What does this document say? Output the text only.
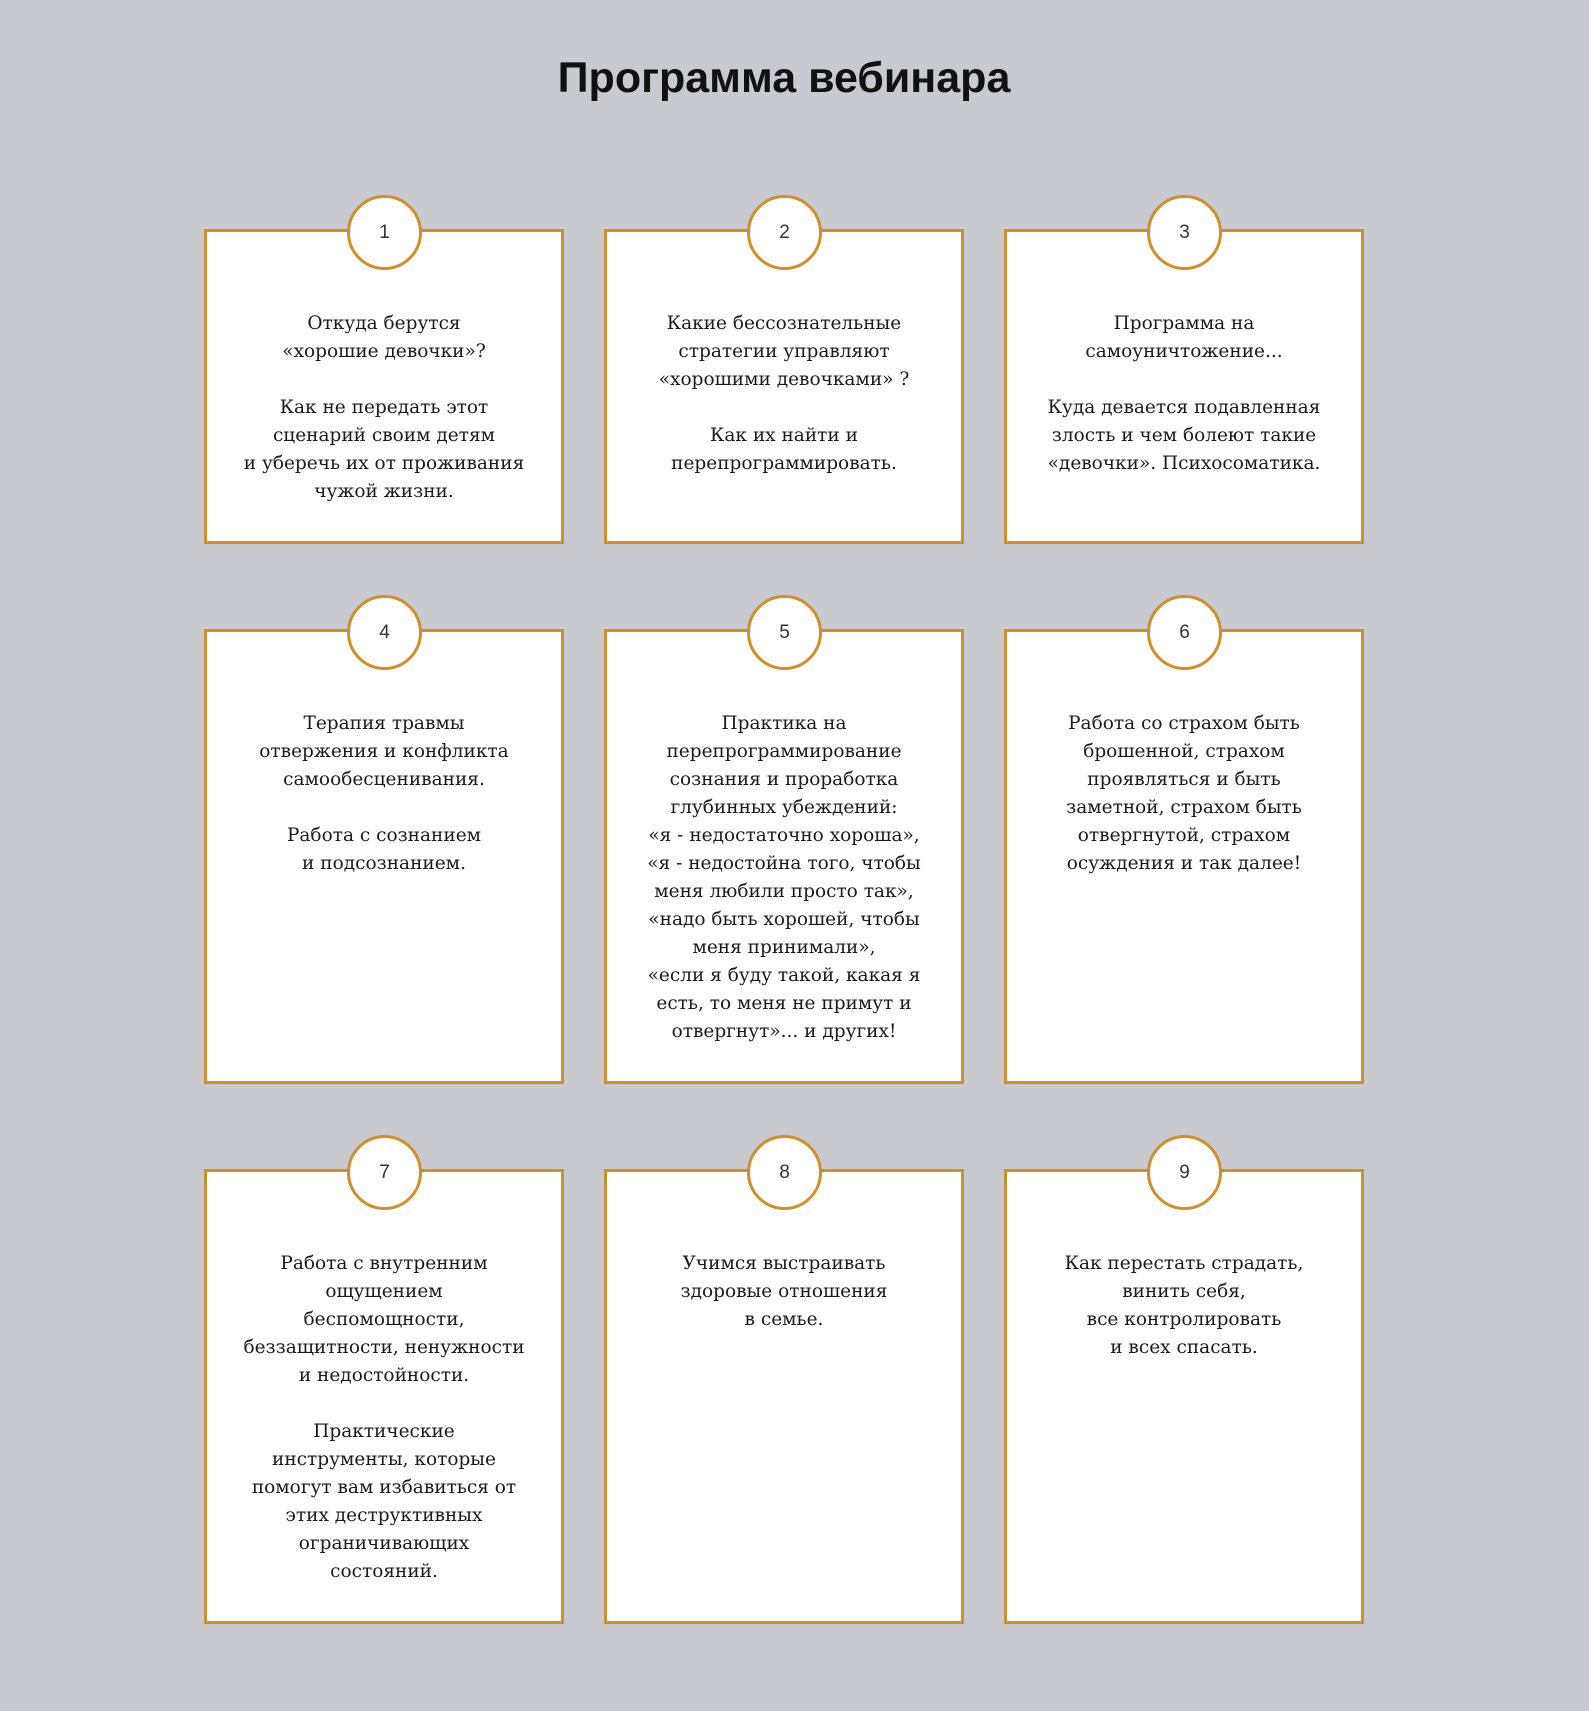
Программа вебинара
1

Откуда берутся
«хорошие девочки»?

Как не передать этот
сценарий своим детям
и уберечь их от проживания
чужой жизни.

2

Какие бессознательные
стратегии управляют
«хорошими девочками» ?

Как их найти и
перепрограммировать.

3

Программа на
самоуничтожение...

Куда девается подавленная
злость и чем болеют такие
«девочки». Психосоматика.

4

Терапия травмы
отвержения и конфликта
самообесценивания.

Работа с сознанием
и подсознанием.

5

Практика на
перепрограммирование
сознания и проработка
глубинных убеждений:
«я - недостаточно хороша»,
«я - недостойна того, чтобы
меня любили просто так»,
«надо быть хорошей, чтобы
меня принимали»,
«если я буду такой, какая я
есть, то меня не примут и
отвергнут»... и других!

6

Работа со страхом быть
брошенной, страхом
проявляться и быть
заметной, страхом быть
отвергнутой, страхом
осуждения и так далее!

7

Работа с внутренним
ощущением
беспомощности,
беззащитности, ненужности
и недостойности.

Практические
инструменты, которые
помогут вам избавиться от
этих деструктивных
ограничивающих
состояний.

8

Учимся выстраивать
здоровые отношения
в семье.

9

Как перестать страдать,
винить себя,
все контролировать
и всех спасать.
